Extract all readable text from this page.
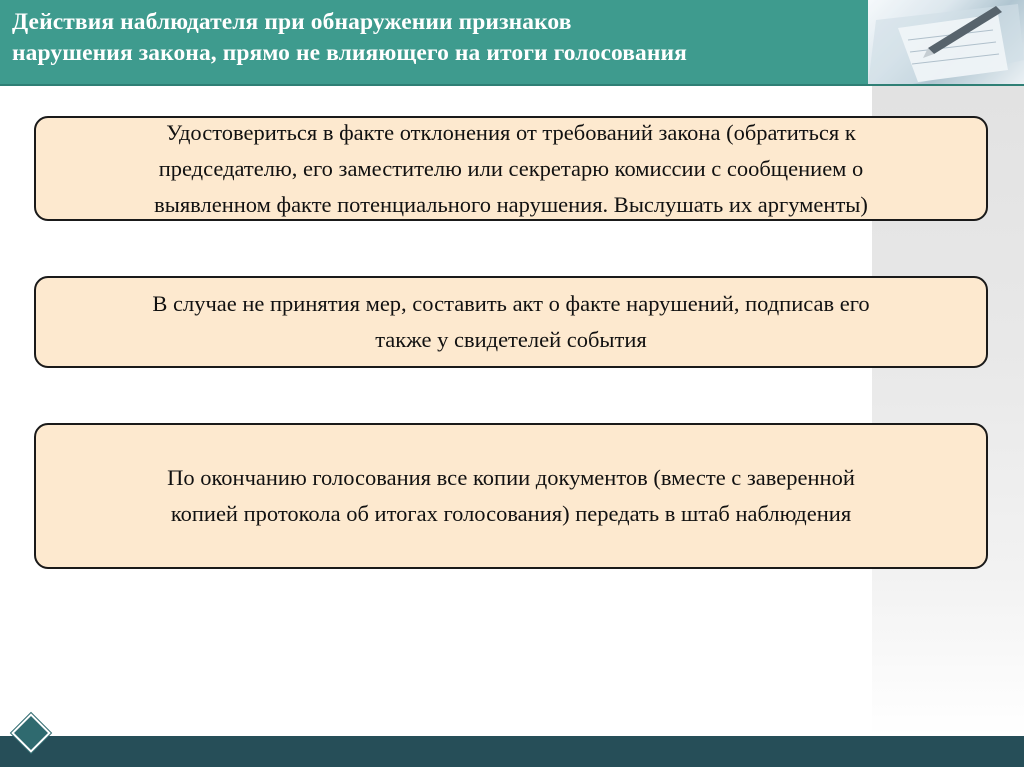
Действия наблюдателя при обнаружении признаков
нарушения закона, прямо не влияющего на итоги голосования
Удостовериться в факте отклонения от требований закона (обратиться к
председателю, его заместителю или секретарю комиссии с сообщением о
выявленном факте потенциального нарушения. Выслушать их аргументы)
В случае не принятия мер, составить акт о факте нарушений, подписав его
также у свидетелей события
По окончанию голосования все копии документов (вместе с заверенной
копией протокола об итогах голосования) передать в штаб наблюдения
